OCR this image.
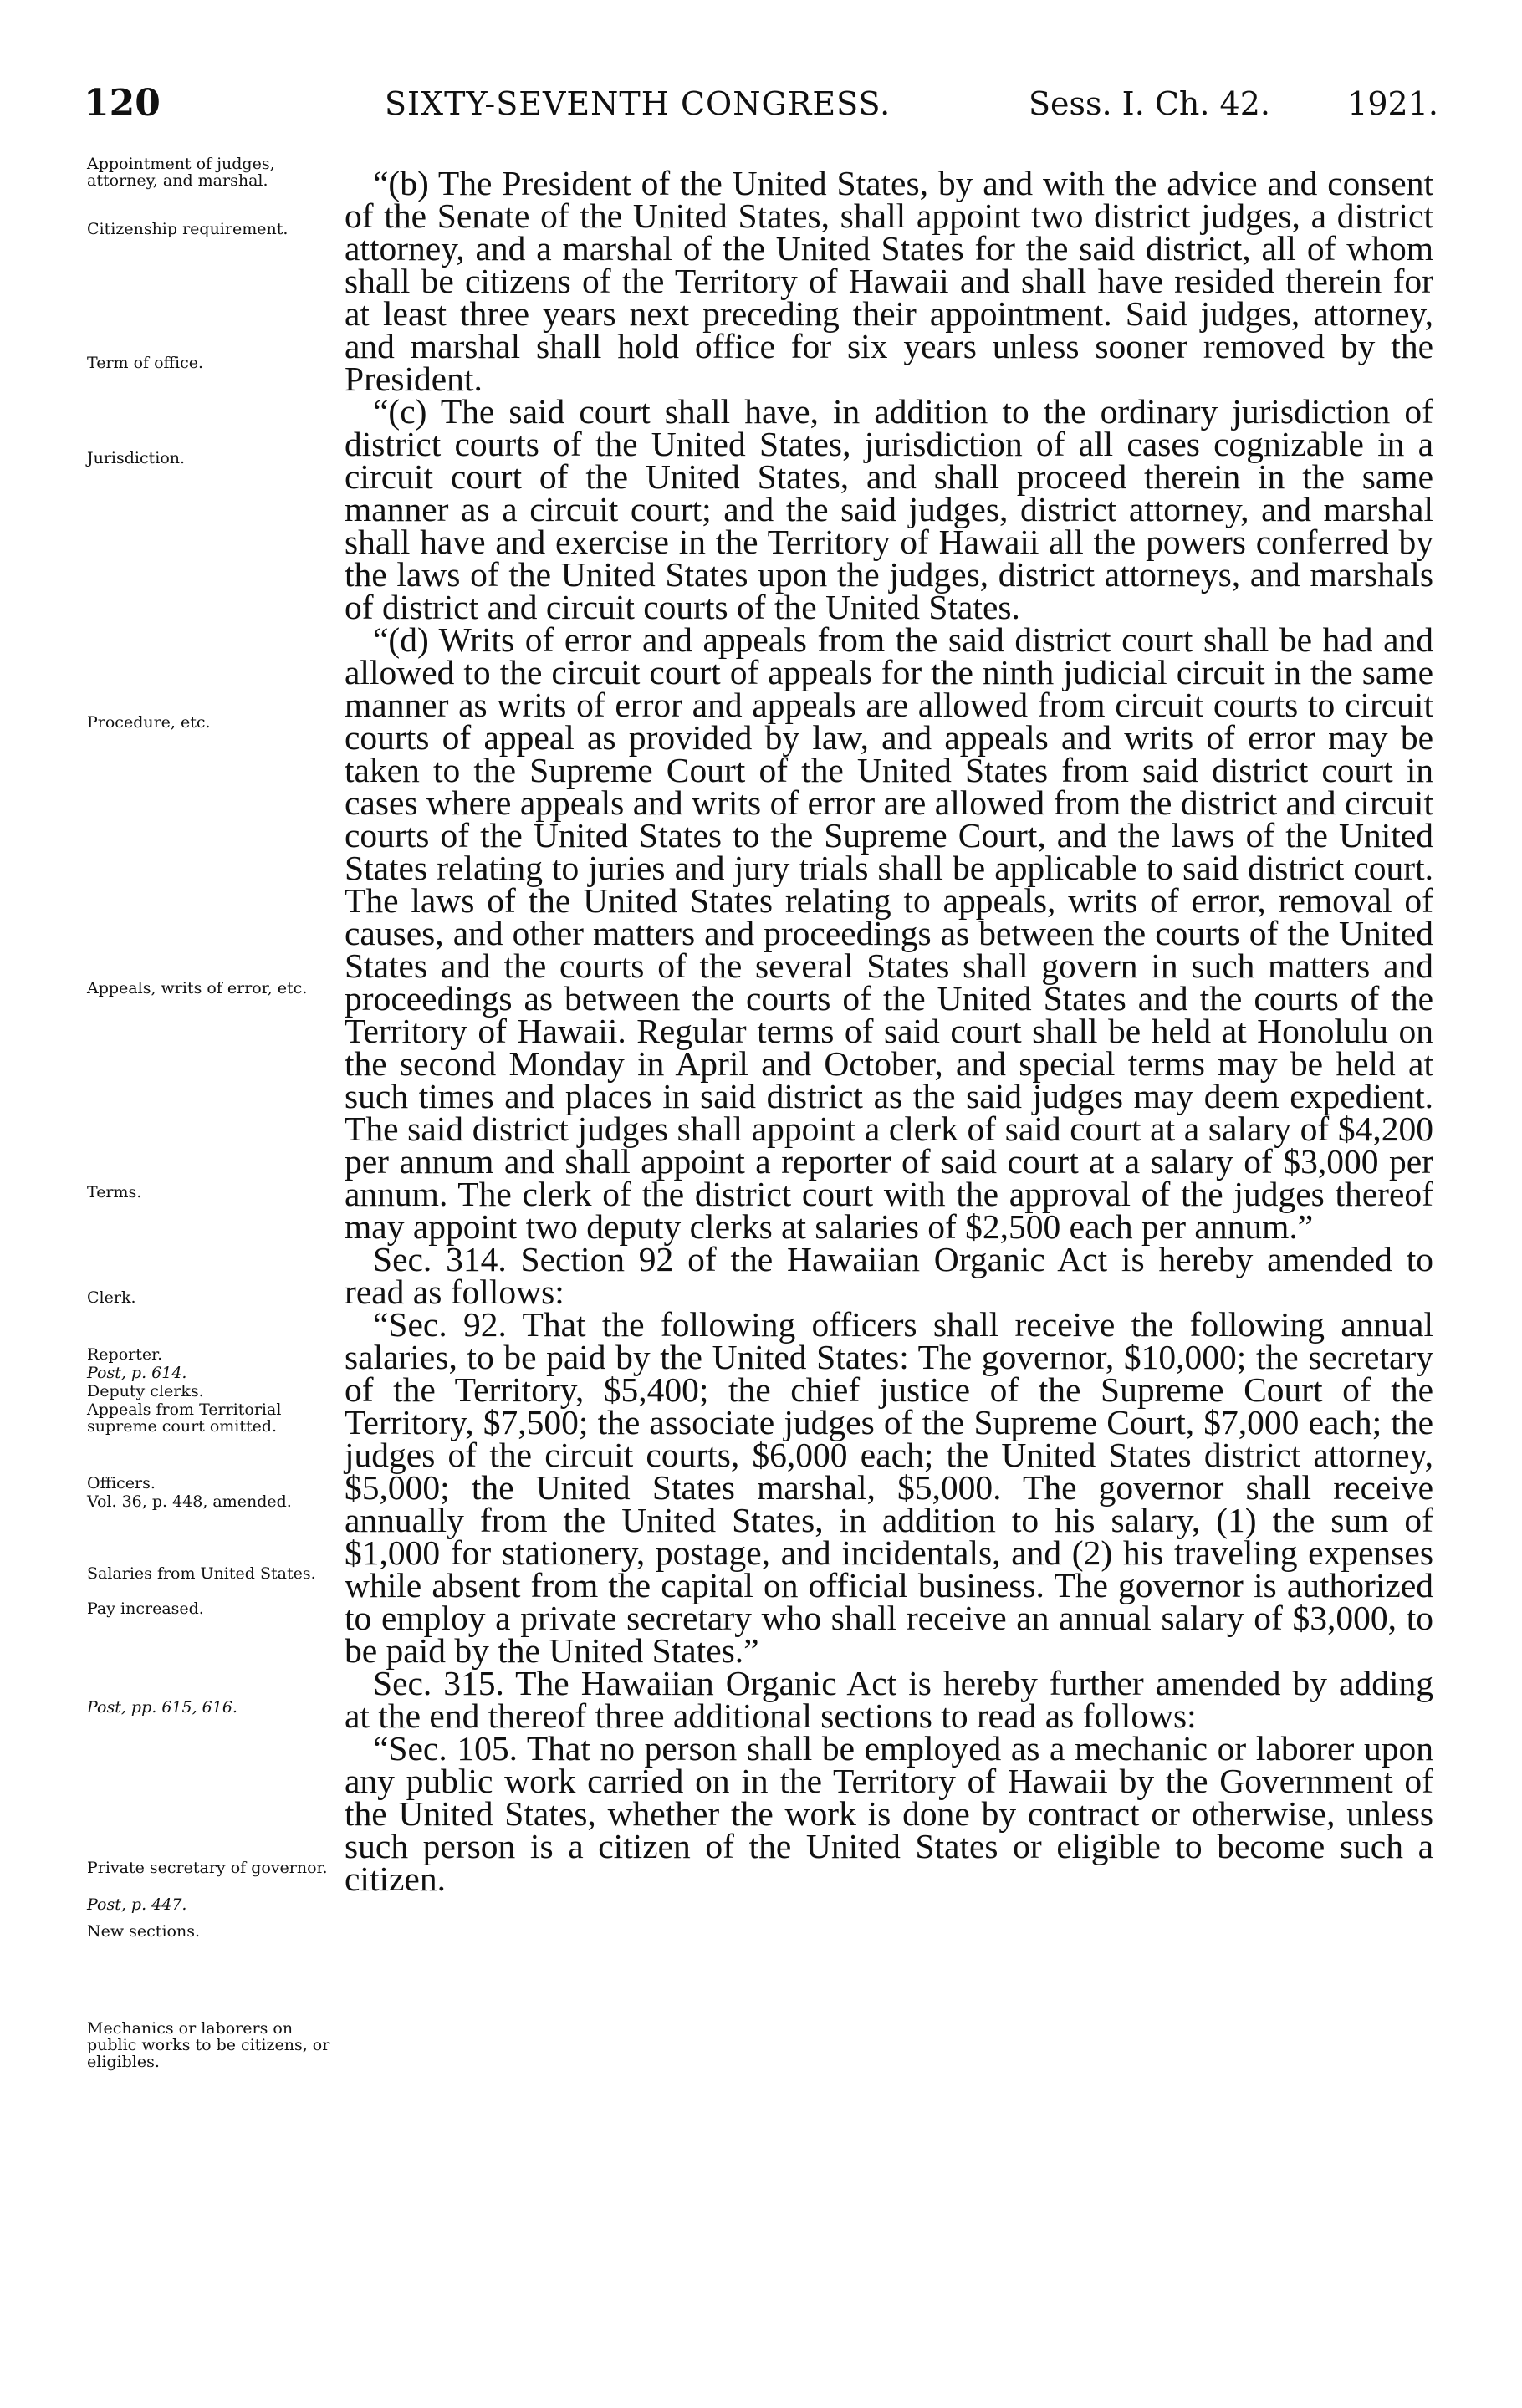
120	SIXTY-SEVENTH CONGRESS.	Sess. I. Ch. 42. 1921.
Appointment of judges, attorney, and marshal.
Citizenship requirement.
Term of office.
Jurisdiction.
Procedure, etc.
Appeals, writs of error, etc.
Terms.
Clerk.
Reporter.
Post, p. 614.
Deputy clerks.
Appeals from Territorial supreme court omitted.
Officers.
Vol. 36, p. 448, amended.
Salaries from United States.
Pay increased.
Post, pp. 615, 616.
Private secretary of governor.
Post, p. 447.
New sections.
Mechanics or laborers on public works to be citizens, or eligibles.

“(b) The President of the United States, by and with the advice and consent of the Senate of the United States, shall appoint two district judges, a district attorney, and a marshal of the United States for the said district, all of whom shall be citizens of the Territory of Hawaii and shall have resided therein for at least three years next preceding their appointment. Said judges, attorney, and marshal shall hold office for six years unless sooner removed by the President.

“(c) The said court shall have, in addition to the ordinary jurisdiction of district courts of the United States, jurisdiction of all cases cognizable in a circuit court of the United States, and shall proceed therein in the same manner as a circuit court; and the said judges, district attorney, and marshal shall have and exercise in the Territory of Hawaii all the powers conferred by the laws of the United States upon the judges, district attorneys, and marshals of district and circuit courts of the United States.

“(d) Writs of error and appeals from the said district court shall be had and allowed to the circuit court of appeals for the ninth judicial circuit in the same manner as writs of error and appeals are allowed from circuit courts to circuit courts of appeal as provided by law, and appeals and writs of error may be taken to the Supreme Court of the United States from said district court in cases where appeals and writs of error are allowed from the district and circuit courts of the United States to the Supreme Court, and the laws of the United States relating to juries and jury trials shall be applicable to said district court. The laws of the United States relating to appeals, writs of error, removal of causes, and other matters and proceedings as between the courts of the United States and the courts of the several States shall govern in such matters and proceedings as between the courts of the United States and the courts of the Territory of Hawaii. Regular terms of said court shall be held at Honolulu on the second Monday in April and October, and special terms may be held at such times and places in said district as the said judges may deem expedient. The said district judges shall appoint a clerk of said court at a salary of $4,200 per annum and shall appoint a reporter of said court at a salary of $3,000 per annum. The clerk of the district court with the approval of the judges thereof may appoint two deputy clerks at salaries of $2,500 each per annum.”

Sec. 314. Section 92 of the Hawaiian Organic Act is hereby amended to read as follows:

“Sec. 92. That the following officers shall receive the following annual salaries, to be paid by the United States: The governor, $10,000; the secretary of the Territory, $5,400; the chief justice of the Supreme Court of the Territory, $7,500; the associate judges of the Supreme Court, $7,000 each; the judges of the circuit courts, $6,000 each; the United States district attorney, $5,000; the United States marshal, $5,000. The governor shall receive annually from the United States, in addition to his salary, (1) the sum of $1,000 for stationery, postage, and incidentals, and (2) his traveling expenses while absent from the capital on official business. The governor is authorized to employ a private secretary who shall receive an annual salary of $3,000, to be paid by the United States.”

Sec. 315. The Hawaiian Organic Act is hereby further amended by adding at the end thereof three additional sections to read as follows:

“Sec. 105. That no person shall be employed as a mechanic or laborer upon any public work carried on in the Territory of Hawaii by the Government of the United States, whether the work is done by contract or otherwise, unless such person is a citizen of the United States or eligible to become such a citizen.
